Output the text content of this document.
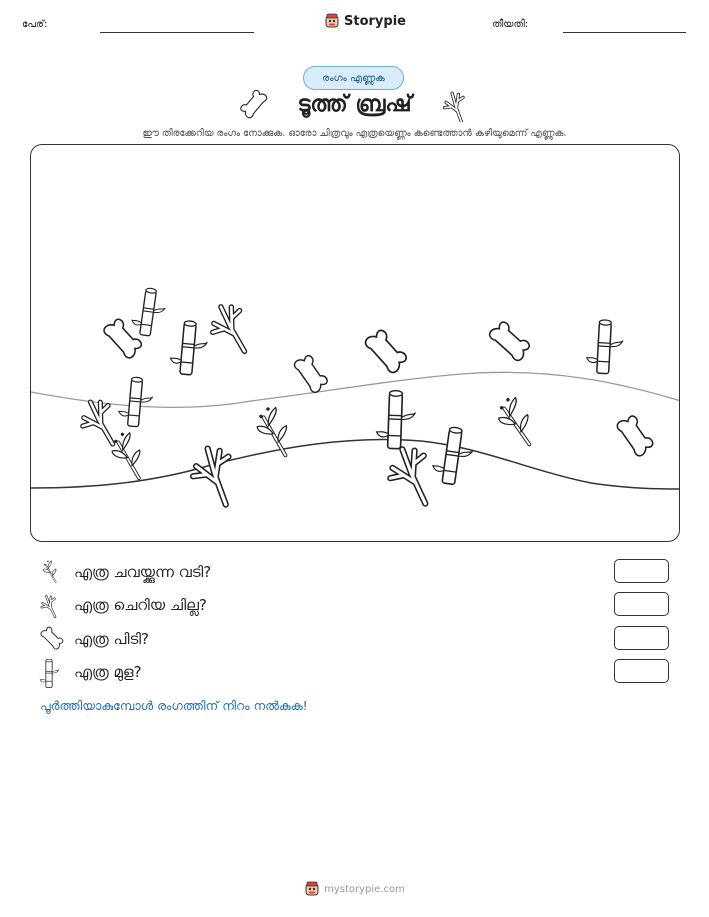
പേര്:	Storypie	തീയതി:
രംഗം എണ്ണുക
ടൂത്ത് ബ്രഷ്
ഈ തിരക്കേറിയ രംഗം നോക്കുക. ഓരോ ചിത്രവും എത്രയെണ്ണം കണ്ടെത്താൻ കഴിയുമെന്ന് എണ്ണുക.
എത്ര ചവയ്ക്കുന്ന വടി?
എത്ര ചെറിയ ചില്ല?
എത്ര പിടി?
എത്ര മുള?
പൂർത്തിയാകുമ്പോൾ രംഗത്തിന് നിറം നൽകുക!
mystorypie.com
